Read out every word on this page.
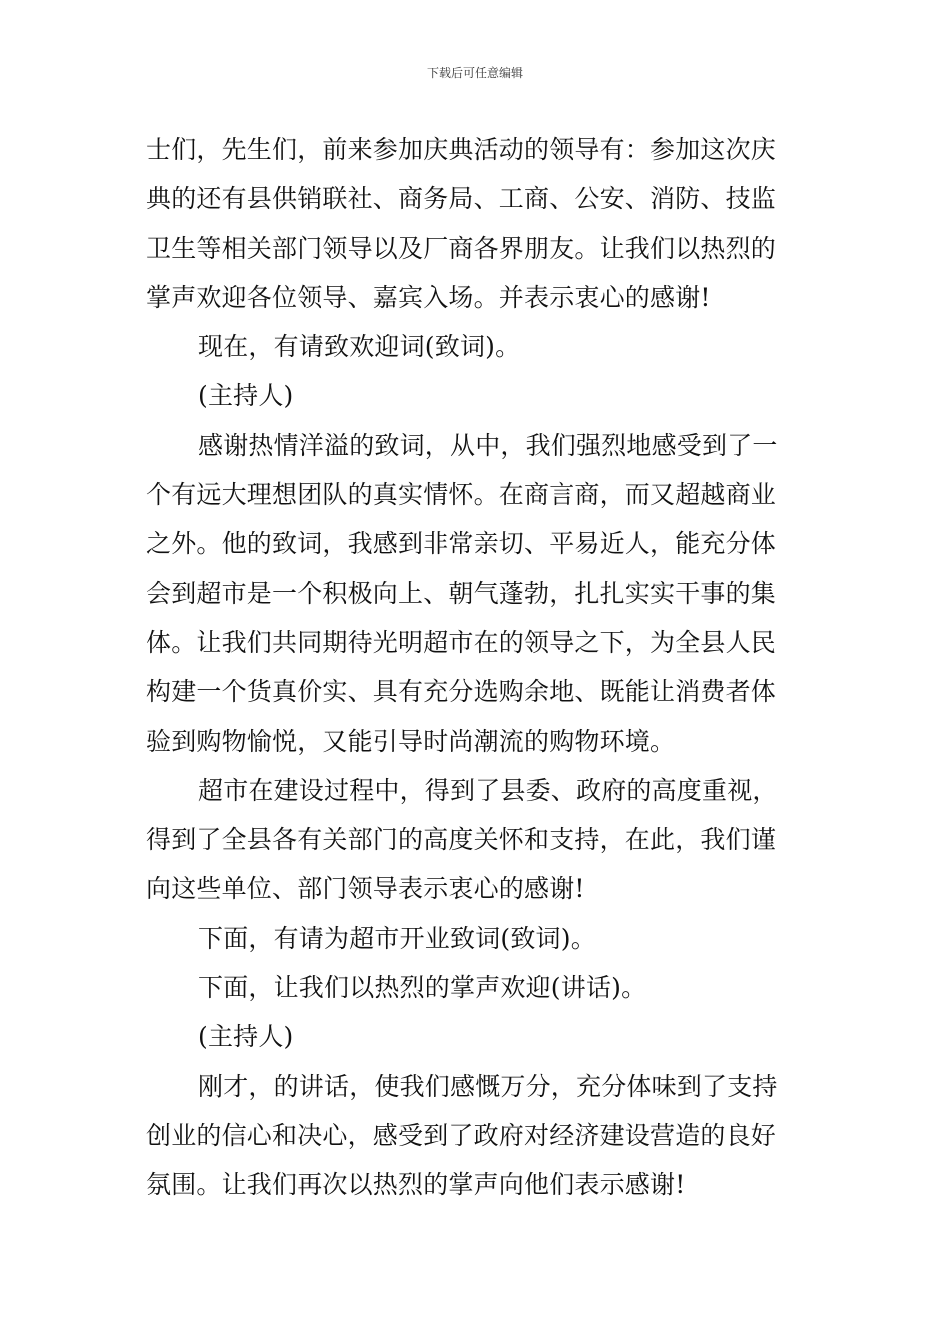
下载后可任意编辑
士们，先生们，前来参加庆典活动的领导有：参加这次庆
典的还有县供销联社、商务局、工商、公安、消防、技监
卫生等相关部门领导以及厂商各界朋友。让我们以热烈的
掌声欢迎各位领导、嘉宾入场。并表示衷心的感谢!
现在，有请致欢迎词(致词)。
(主持人)
感谢热情洋溢的致词，从中，我们强烈地感受到了一
个有远大理想团队的真实情怀。在商言商，而又超越商业
之外。他的致词，我感到非常亲切、平易近人，能充分体
会到超市是一个积极向上、朝气蓬勃，扎扎实实干事的集
体。让我们共同期待光明超市在的领导之下，为全县人民
构建一个货真价实、具有充分选购余地、既能让消费者体
验到购物愉悦，又能引导时尚潮流的购物环境。
超市在建设过程中，得到了县委、政府的高度重视，
得到了全县各有关部门的高度关怀和支持，在此，我们谨
向这些单位、部门领导表示衷心的感谢!
下面，有请为超市开业致词(致词)。
下面，让我们以热烈的掌声欢迎(讲话)。
(主持人)
刚才，的讲话，使我们感慨万分，充分体味到了支持
创业的信心和决心，感受到了政府对经济建设营造的良好
氛围。让我们再次以热烈的掌声向他们表示感谢!
